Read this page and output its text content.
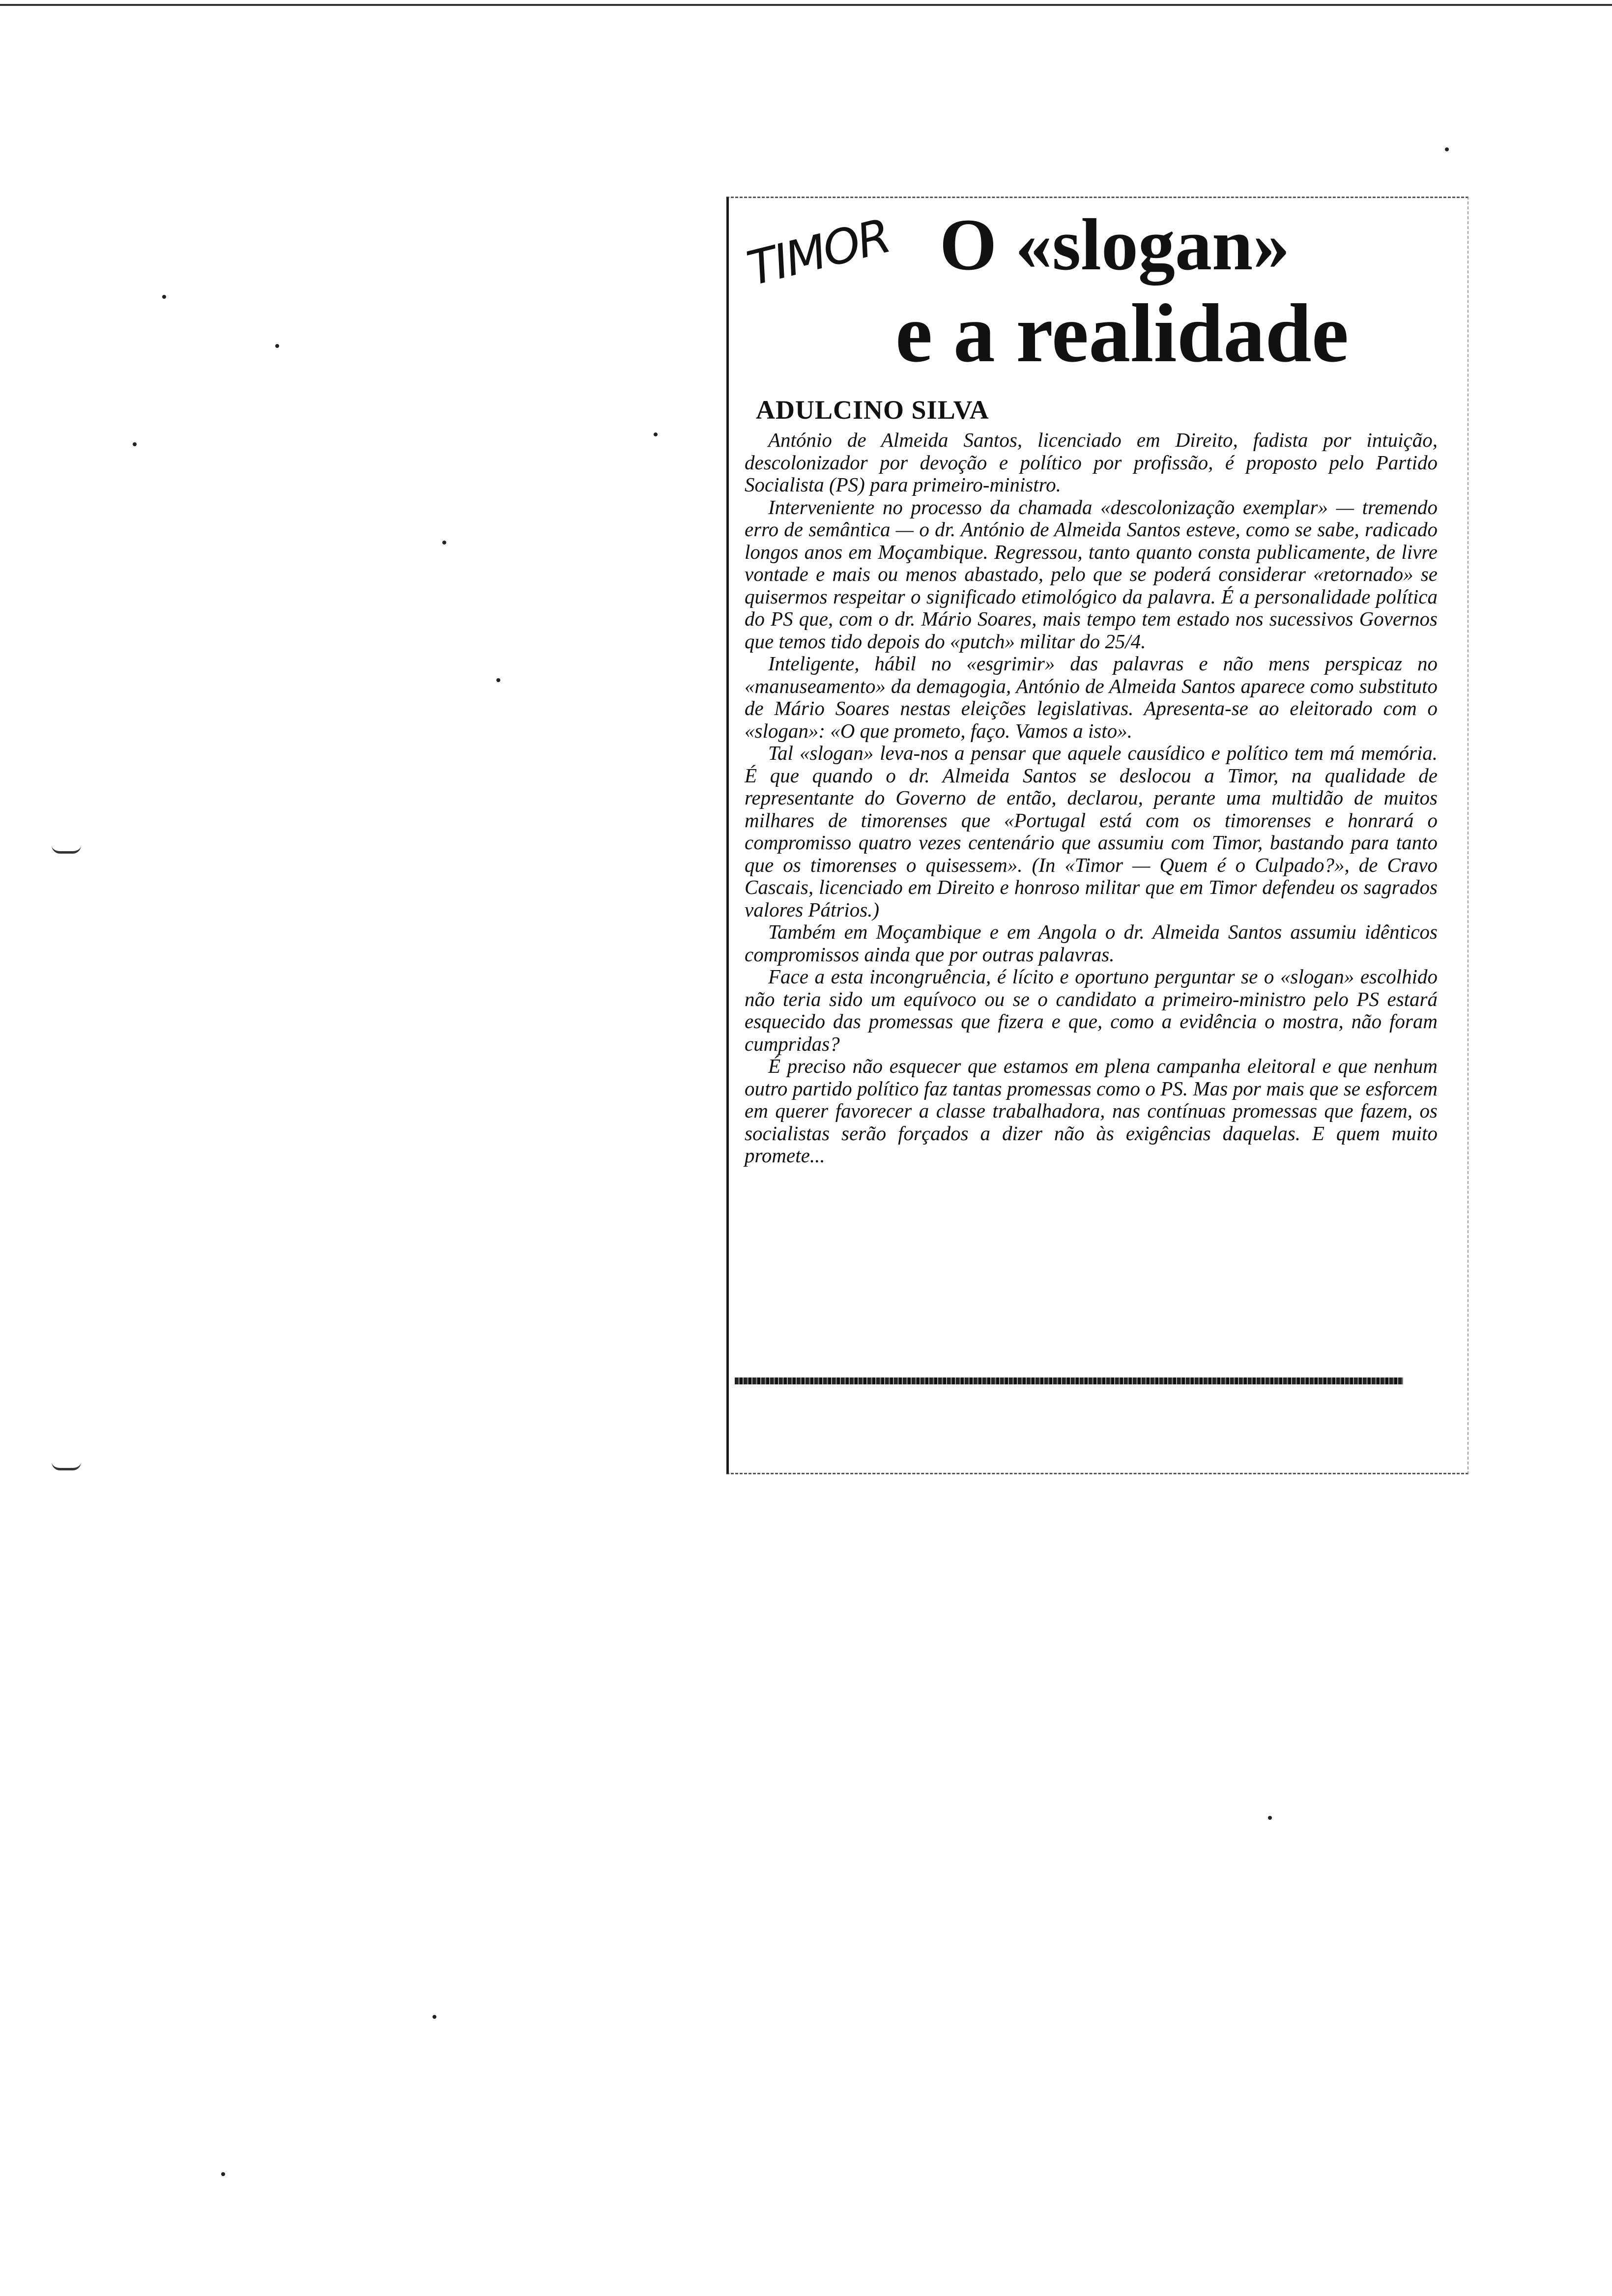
TIMOR O «slogan»
e a realidade
ADULCINO SILVA

António de Almeida Santos, licenciado em Direito, fadista por intuição, descolonizador por devoção e político por profissão, é proposto pelo Partido Socialista (PS) para primeiro-ministro.

Interveniente no processo da chamada «descolonização exemplar» — tremendo erro de semântica — o dr. António de Almeida Santos esteve, como se sabe, radicado longos anos em Moçambique. Regressou, tanto quanto consta publicamente, de livre vontade e mais ou menos abastado, pelo que se poderá considerar «retornado» se quisermos respeitar o significado etimológico da palavra. É a personalidade política do PS que, com o dr. Mário Soares, mais tempo tem estado nos sucessivos Governos que temos tido depois do «putch» militar do 25/4.

Inteligente, hábil no «esgrimir» das palavras e não mens perspicaz no «manuseamento» da demagogia, António de Almeida Santos aparece como substituto de Mário Soares nestas eleições legislativas. Apresenta-se ao eleitorado com o «slogan»: «O que prometo, faço. Vamos a isto».

Tal «slogan» leva-nos a pensar que aquele causídico e político tem má memória. É que quando o dr. Almeida Santos se deslocou a Timor, na qualidade de representante do Governo de então, declarou, perante uma multidão de muitos milhares de timorenses que «Portugal está com os timorenses e honrará o compromisso quatro vezes centenário que assumiu com Timor, bastando para tanto que os timorenses o quisessem». (In «Timor — Quem é o Culpado?», de Cravo Cascais, licenciado em Direito e honroso militar que em Timor defendeu os sagrados valores Pátrios.)

Também em Moçambique e em Angola o dr. Almeida Santos assumiu idênticos compromissos ainda que por outras palavras.

Face a esta incongruência, é lícito e oportuno perguntar se o «slogan» escolhido não teria sido um equívoco ou se o candidato a primeiro-ministro pelo PS estará esquecido das promessas que fizera e que, como a evidência o mostra, não foram cumpridas?

É preciso não esquecer que estamos em plena campanha eleitoral e que nenhum outro partido político faz tantas promessas como o PS. Mas por mais que se esforcem em querer favorecer a classe trabalhadora, nas contínuas promessas que fazem, os socialistas serão forçados a dizer não às exigências daquelas. E quem muito promete...
